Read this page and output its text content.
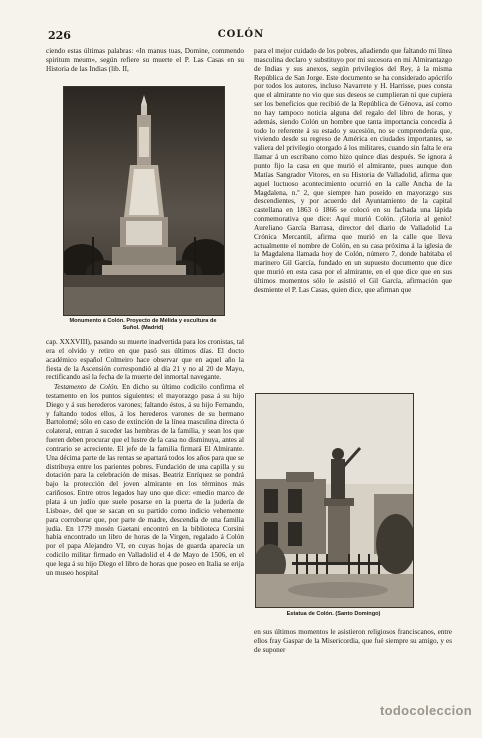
226	COLÓN

ciendo estas últimas palabras: «In manus tuas, Domine, commendo spiritum meum», según refiere su muerte el P. Las Casas en su Historia de las Indias (lib. II,

Monumento á Colón. Proyecto de Mélida y escultura de Suñol. (Madrid)

cap. XXXVIII), pasando su muerte inadvertida para los cronistas, tal era el olvido y retiro en que pasó sus últimos días. El docto académico español Colmeiro hace observar que en aquel año la fiesta de la Ascensión correspondió al día 21 y no al 20 de Mayo, rectificando así la fecha de la muerte del inmortal navegante.

Testamento de Colón. En dicho su último codicilo confirma el testamento en los puntos siguientes: el mayorazgo pasa á su hijo Diego y á sus herederos varones; faltando éstos, á su hijo Fernando, y faltando todos ellos, á los herederos varones de su hermano Bartolomé; sólo en caso de extinción de la línea masculina directa ó colateral, entran á suceder las hembras de la familia, y sean los que fueren deben procurar que el lustre de la casa no disminuya, antes al contrario se acreciente. El jefe de la familia firmará El Almirante. Una décima parte de las rentas se apartará todos los años para que se distribuya entre los parientes pobres. Fundación de una capilla y su dotación para la celebración de misas. Beatriz Enríquez se pondrá bajo la protección del joven almirante en los términos más cariñosos. Entre otros legados hay uno que dice: «medio marco de plata á un judío que suele posarse en la puerta de la judería de Lisboa», del que se sacan en su partido como indicio vehemente para corroborar que, por parte de madre, descendía de una familia judía. En 1779 mosén Gaetani encontró en la biblioteca Corsini había encontrado un libro de horas de la Virgen, regalado á Colón por el papa Alejandro VI, en cuyas hojas de guarda aparecía un codicilo militar firmado en Valladolid el 4 de Mayo de 1506, en el que lega á su hijo Diego el libro de horas que poseo en Italia se erija un museo hospital

para el mejor cuidado de los pobres, añadiendo que faltando mi línea masculina declaro y substituyo por mi sucesora en mi Almirantazgo de Indias y sus anexos, según privilegios del Rey, á la misma República de San Jorge. Este documento se ha considerado apócrifo por todos los autores, incluso Navarrete y H. Harrisse, pues consta que el almirante no vio que sus deseos se cumplieran ni que cupiera ser los beneficios que recibió de la República de Génova, así como no hay tampoco noticia alguna del regalo del libro de horas, y además, siendo Colón un hombre que tanta importancia concedía á todo lo referente á su estado y sucesión, no se comprendería que, viviendo desde su regreso de América en ciudades importantes, se valiera del privilegio otorgado á los militares, cuando sin falta le era llamar á un escribano como hizo quince días después. Se ignora á punto fijo la casa en que murió el almirante, pues aunque don Matías Sangrador Vitores, en su Historia de Valladolid, afirma que aquel luctuoso acontecimiento ocurrió en la calle Ancha de la Magdalena, n.º 2, que siempre han poseído en mayorazgo sus descendientes, y por acuerdo del Ayuntamiento de la capital castellana en 1863 ó 1866 se colocó en su fachada una lápida conmemorativa que dice: Aquí murió Colón. ¡Gloria al genio! Aureliano García Barrasa, director del diario de Valladolid La Crónica Mercantil, afirma que murió en la calle que lleva actualmente el nombre de Colón, en su casa próxima á la iglesia de la Magdalena llamada hoy de Colón, número 7, donde habitaba el marinero Gil García, fundado en un supuesto documento que dice que murió en esta casa por el almirante, en el que dice que en sus últimos momentos sólo le asistió el Gil García, afirmación que desmiente el P. Las Casas, quien dice, que afirman que

Estatua de Colón. (Santo Domingo)

en sus últimos momentos le asistieron religiosos franciscanos, entre ellos fray Gaspar de la Misericordia, que fué siempre su amigo, y es de suponer

todocoleccion
